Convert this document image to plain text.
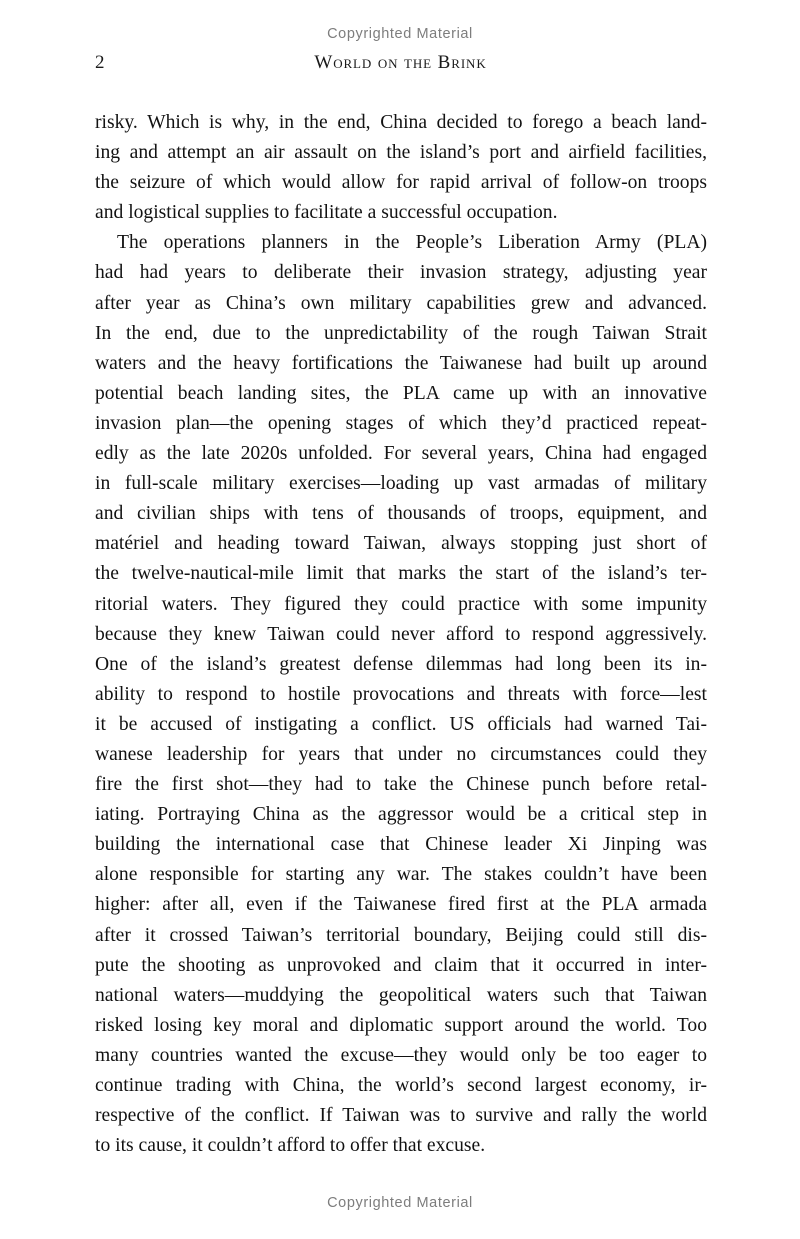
Copyrighted Material
2	World on the Brink

risky. Which is why, in the end, China decided to forego a beach land-
ing and attempt an air assault on the island’s port and airfield facilities,
the seizure of which would allow for rapid arrival of follow-on troops
and logistical supplies to facilitate a successful occupation.

The operations planners in the People’s Liberation Army (PLA)
had had years to deliberate their invasion strategy, adjusting year
after year as China’s own military capabilities grew and advanced.
In the end, due to the unpredictability of the rough Taiwan Strait
waters and the heavy fortifications the Taiwanese had built up around
potential beach landing sites, the PLA came up with an innovative
invasion plan—the opening stages of which they’d practiced repeat-
edly as the late 2020s unfolded. For several years, China had engaged
in full-scale military exercises—loading up vast armadas of military
and civilian ships with tens of thousands of troops, equipment, and
matériel and heading toward Taiwan, always stopping just short of
the twelve-nautical-mile limit that marks the start of the island’s ter-
ritorial waters. They figured they could practice with some impunity
because they knew Taiwan could never afford to respond aggressively.
One of the island’s greatest defense dilemmas had long been its in-
ability to respond to hostile provocations and threats with force—lest
it be accused of instigating a conflict. US officials had warned Tai-
wanese leadership for years that under no circumstances could they
fire the first shot—they had to take the Chinese punch before retal-
iating. Portraying China as the aggressor would be a critical step in
building the international case that Chinese leader Xi Jinping was
alone responsible for starting any war. The stakes couldn’t have been
higher: after all, even if the Taiwanese fired first at the PLA armada
after it crossed Taiwan’s territorial boundary, Beijing could still dis-
pute the shooting as unprovoked and claim that it occurred in inter-
national waters—muddying the geopolitical waters such that Taiwan
risked losing key moral and diplomatic support around the world. Too
many countries wanted the excuse—they would only be too eager to
continue trading with China, the world’s second largest economy, ir-
respective of the conflict. If Taiwan was to survive and rally the world
to its cause, it couldn’t afford to offer that excuse.

Copyrighted Material
